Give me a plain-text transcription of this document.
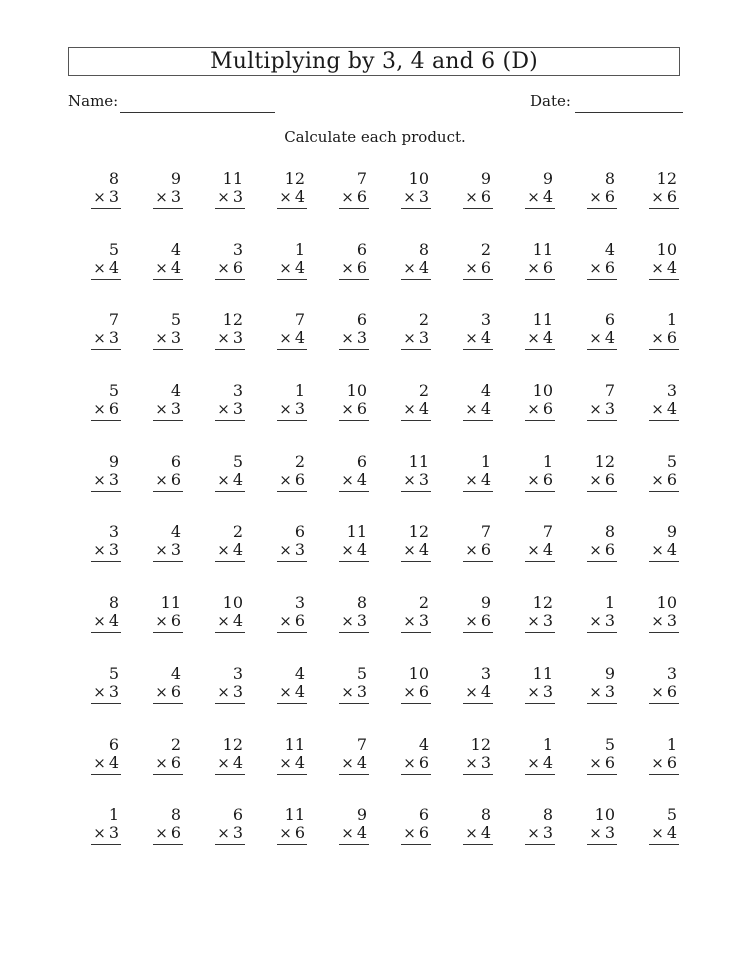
Multiplying by 3, 4 and 6 (D)
Name:	Date:
Calculate each product.
8
× 3
9
× 3
11
× 3
12
× 4
7
× 6
10
× 3
9
× 6
9
× 4
8
× 6
12
× 6
5
× 4
4
× 4
3
× 6
1
× 4
6
× 6
8
× 4
2
× 6
11
× 6
4
× 6
10
× 4
7
× 3
5
× 3
12
× 3
7
× 4
6
× 3
2
× 3
3
× 4
11
× 4
6
× 4
1
× 6
5
× 6
4
× 3
3
× 3
1
× 3
10
× 6
2
× 4
4
× 4
10
× 6
7
× 3
3
× 4
9
× 3
6
× 6
5
× 4
2
× 6
6
× 4
11
× 3
1
× 4
1
× 6
12
× 6
5
× 6
3
× 3
4
× 3
2
× 4
6
× 3
11
× 4
12
× 4
7
× 6
7
× 4
8
× 6
9
× 4
8
× 4
11
× 6
10
× 4
3
× 6
8
× 3
2
× 3
9
× 6
12
× 3
1
× 3
10
× 3
5
× 3
4
× 6
3
× 3
4
× 4
5
× 3
10
× 6
3
× 4
11
× 3
9
× 3
3
× 6
6
× 4
2
× 6
12
× 4
11
× 4
7
× 4
4
× 6
12
× 3
1
× 4
5
× 6
1
× 6
1
× 3
8
× 6
6
× 3
11
× 6
9
× 4
6
× 6
8
× 4
8
× 3
10
× 3
5
× 4
